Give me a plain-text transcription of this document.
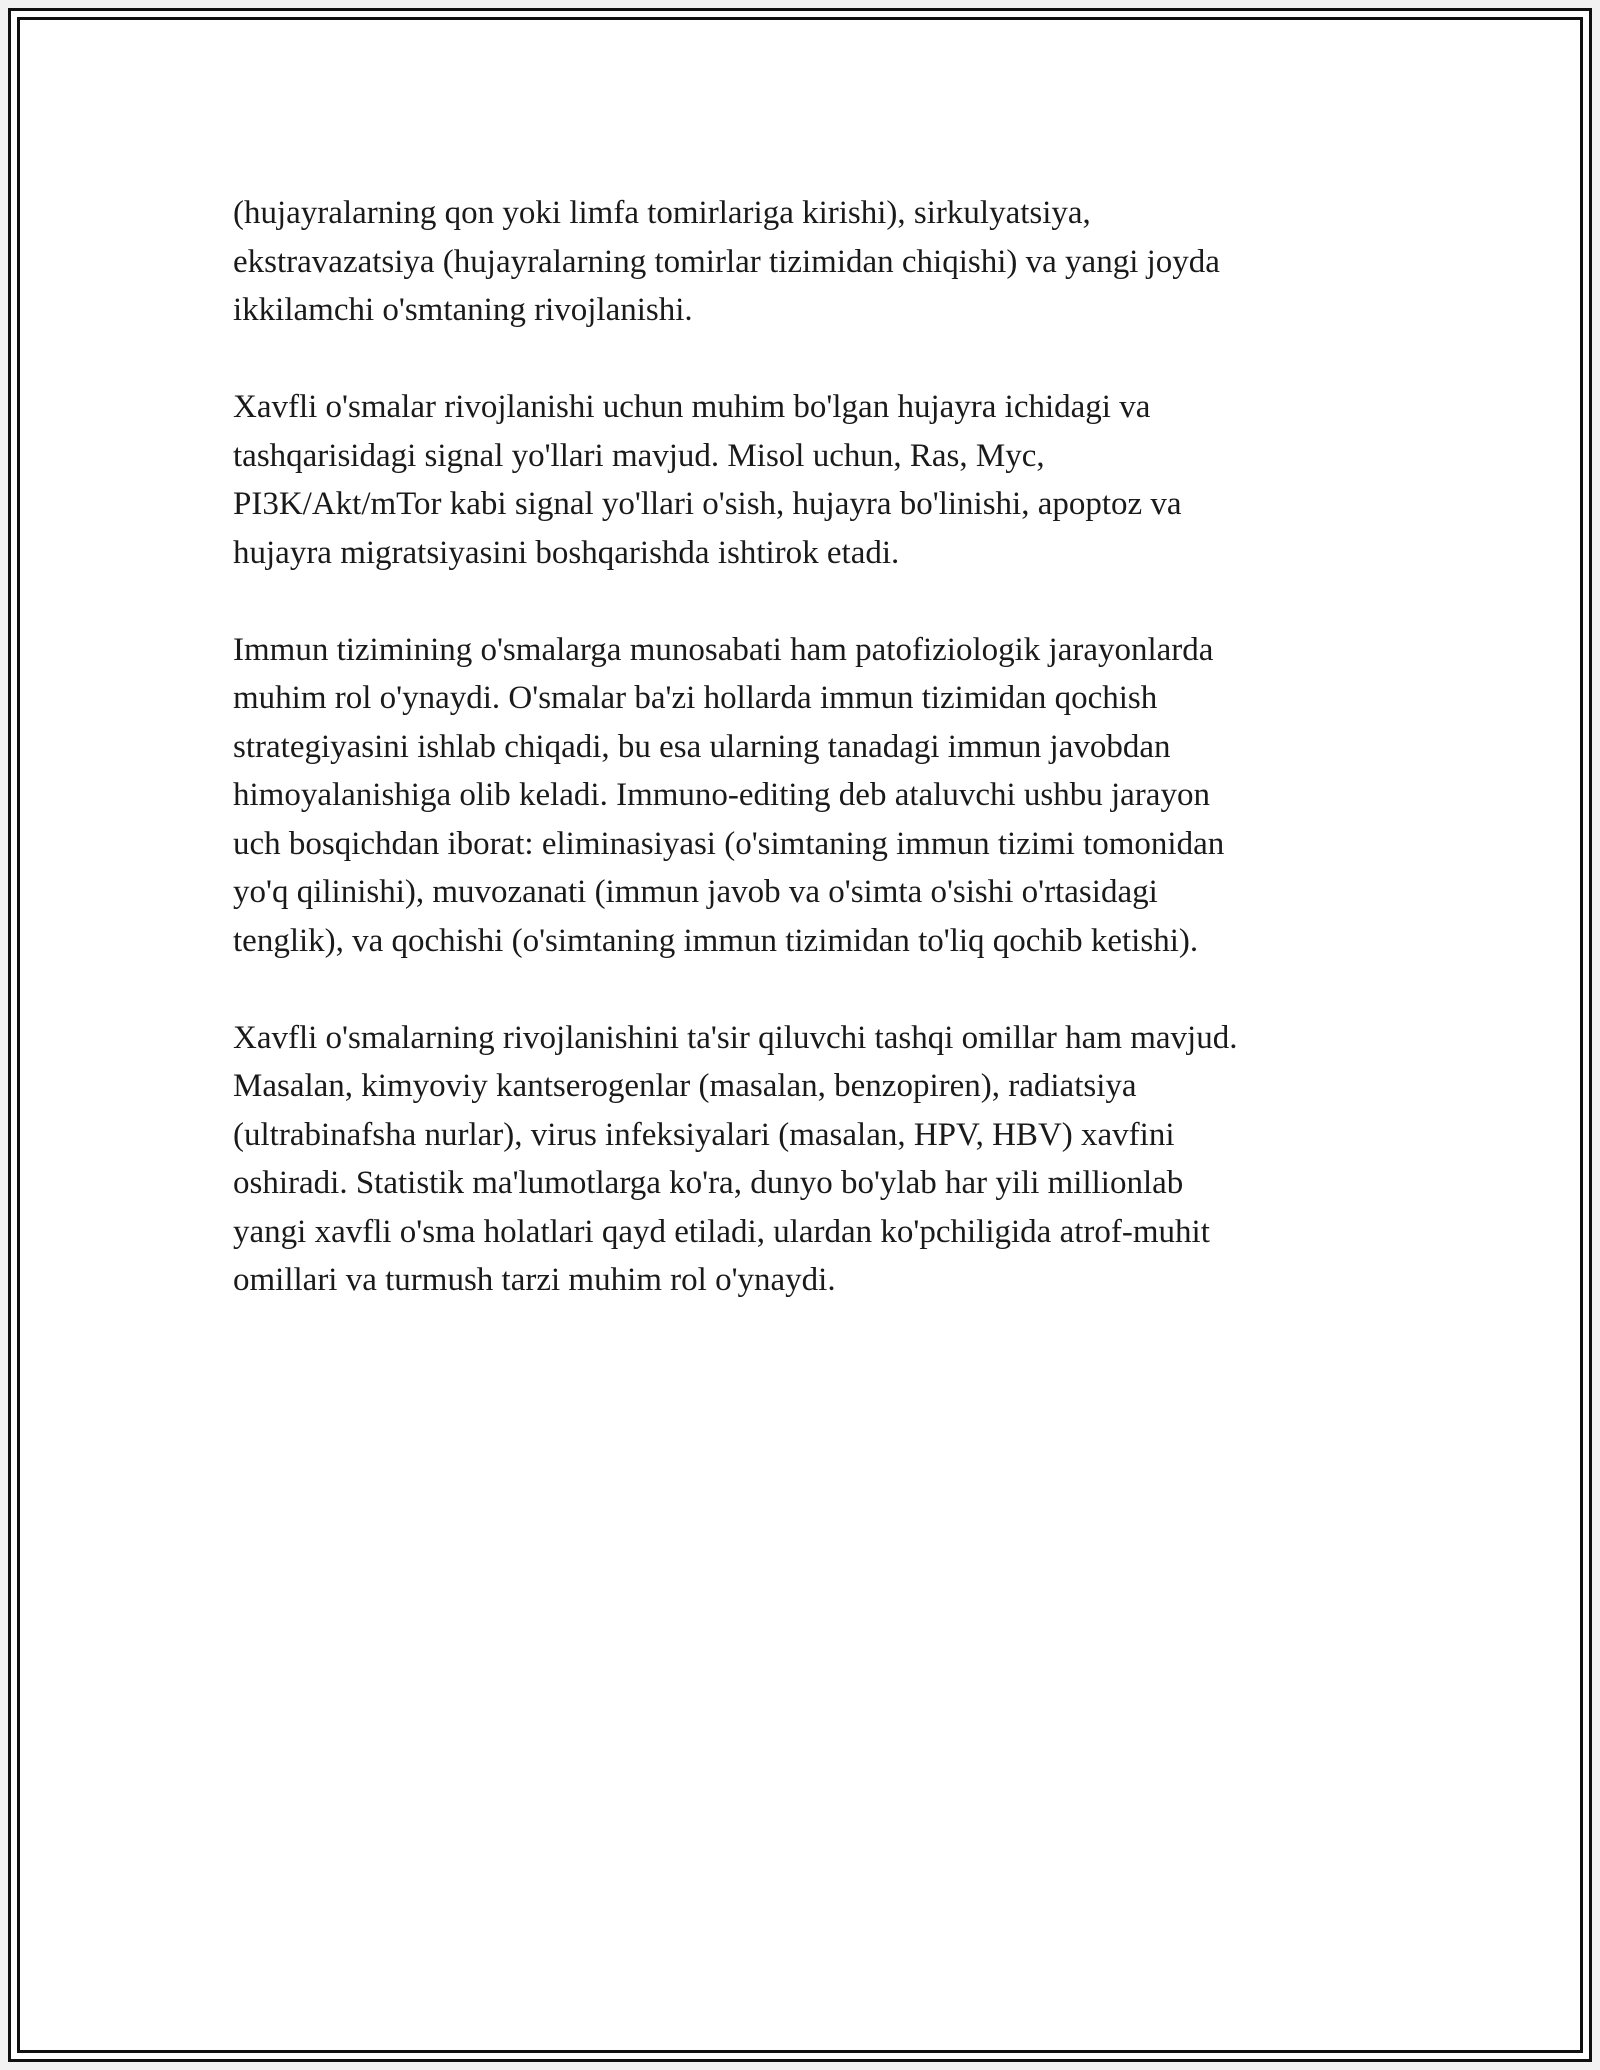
(hujayralarning qon yoki limfa tomirlariga kirishi), sirkulyatsiya,
ekstravazatsiya (hujayralarning tomirlar tizimidan chiqishi) va yangi joyda
ikkilamchi o'smtaning rivojlanishi.

Xavfli o'smalar rivojlanishi uchun muhim bo'lgan hujayra ichidagi va
tashqarisidagi signal yo'llari mavjud. Misol uchun, Ras, Myc,
PI3K/Akt/mTor kabi signal yo'llari o'sish, hujayra bo'linishi, apoptoz va
hujayra migratsiyasini boshqarishda ishtirok etadi.

Immun tizimining o'smalarga munosabati ham patofiziologik jarayonlarda
muhim rol o'ynaydi. O'smalar ba'zi hollarda immun tizimidan qochish
strategiyasini ishlab chiqadi, bu esa ularning tanadagi immun javobdan
himoyalanishiga olib keladi. Immuno-editing deb ataluvchi ushbu jarayon
uch bosqichdan iborat: eliminasiyasi (o'simtaning immun tizimi tomonidan
yo'q qilinishi), muvozanati (immun javob va o'simta o'sishi o'rtasidagi
tenglik), va qochishi (o'simtaning immun tizimidan to'liq qochib ketishi).

Xavfli o'smalarning rivojlanishini ta'sir qiluvchi tashqi omillar ham mavjud.
Masalan, kimyoviy kantserogenlar (masalan, benzopiren), radiatsiya
(ultrabinafsha nurlar), virus infeksiyalari (masalan, HPV, HBV) xavfini
oshiradi. Statistik ma'lumotlarga ko'ra, dunyo bo'ylab har yili millionlab
yangi xavfli o'sma holatlari qayd etiladi, ulardan ko'pchiligida atrof-muhit
omillari va turmush tarzi muhim rol o'ynaydi.
